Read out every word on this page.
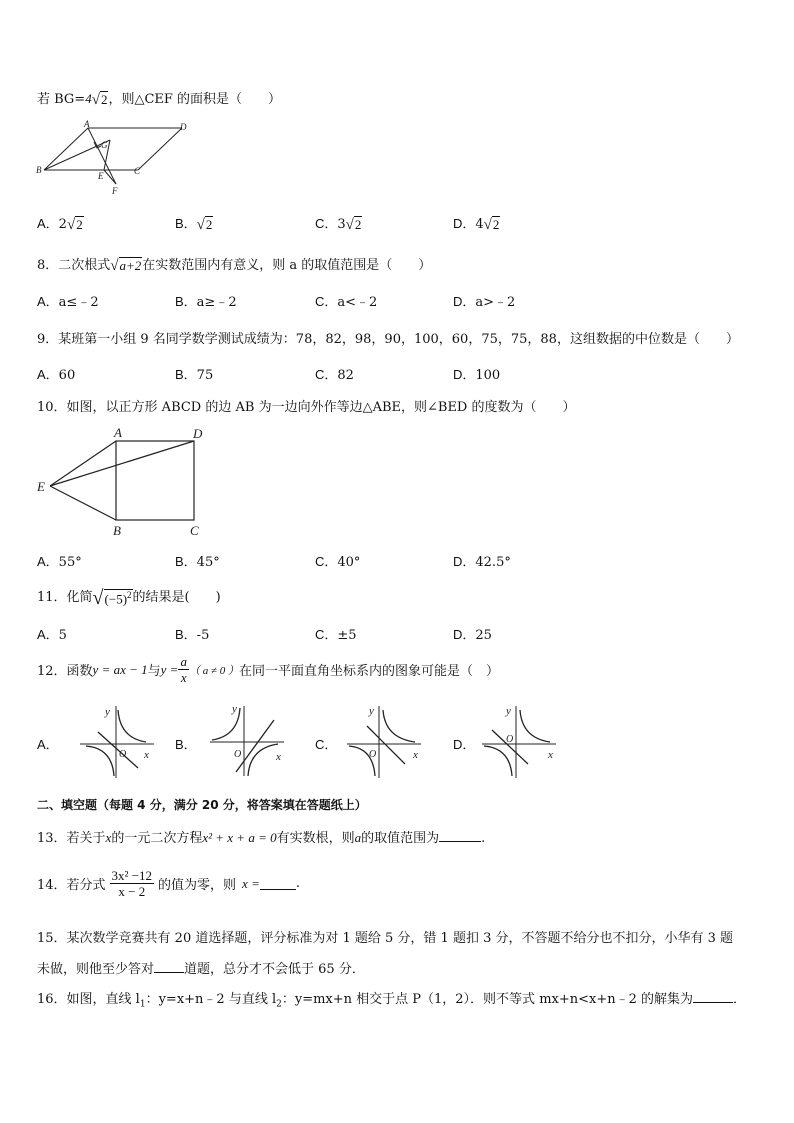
若 BG=4 √ 2 ，则△CEF 的面积是（　　）
A	D
G
B
E	C
F
A．2 √ 2	B． √ 2	C．3 √ 2	D．4 √ 2
8．二次根式 √ a+2 在实数范围内有意义，则 a 的取值范围是（　　）
A．a≤﹣2	B．a≥﹣2	C．a<﹣2	D．a>﹣2
9．某班第一小组 9 名同学数学测试成绩为：78，82，98，90，100，60，75，75，88，这组数据的中位数是（　　）
A．60	B．75	C．82	D．100
10．如图，以正方形 ABCD 的边 AB 为一边向外作等边△ABE，则∠BED 的度数为（　　）
A	D
E
B	C
A．55°	B．45°	C．40°	D．42.5°
11．化简 √ $(-5)^2$ 的结果是(　　)
A．5	B．-5	C．±5	D．25
12．函数 y = ax − 1 与 $y = \frac{a}{x}$ （ a ≠ 0 ） 在同一平面直角坐标系内的图象可能是（　）
A．
y
x
O
B．
y
x
O
C．
y
x
O
D．
y
x
O
二、填空题（每题 4 分，满分 20 分，将答案填在答题纸上）
13．若关于x的一元二次方程x² + x + a = 0有实数根，则a的取值范围为	.
14．若分式 $\frac{\text{3x² −12}}{x - 2}$ 的值为零，则 x =	.
15．某次数学竞赛共有 20 道选择题，评分标准为对 1 题给 5 分，错 1 题扣 3 分，不答题不给分也不扣分，小华有 3 题
未做，则他至少答对 道题，总分才不会低于 65 分．
16．如图，直线 $l_1$：y=x+n﹣2 与直线 $l_2$：y=mx+n 相交于点 P（1，2）．则不等式 mx+n<x+n﹣2 的解集为	．
